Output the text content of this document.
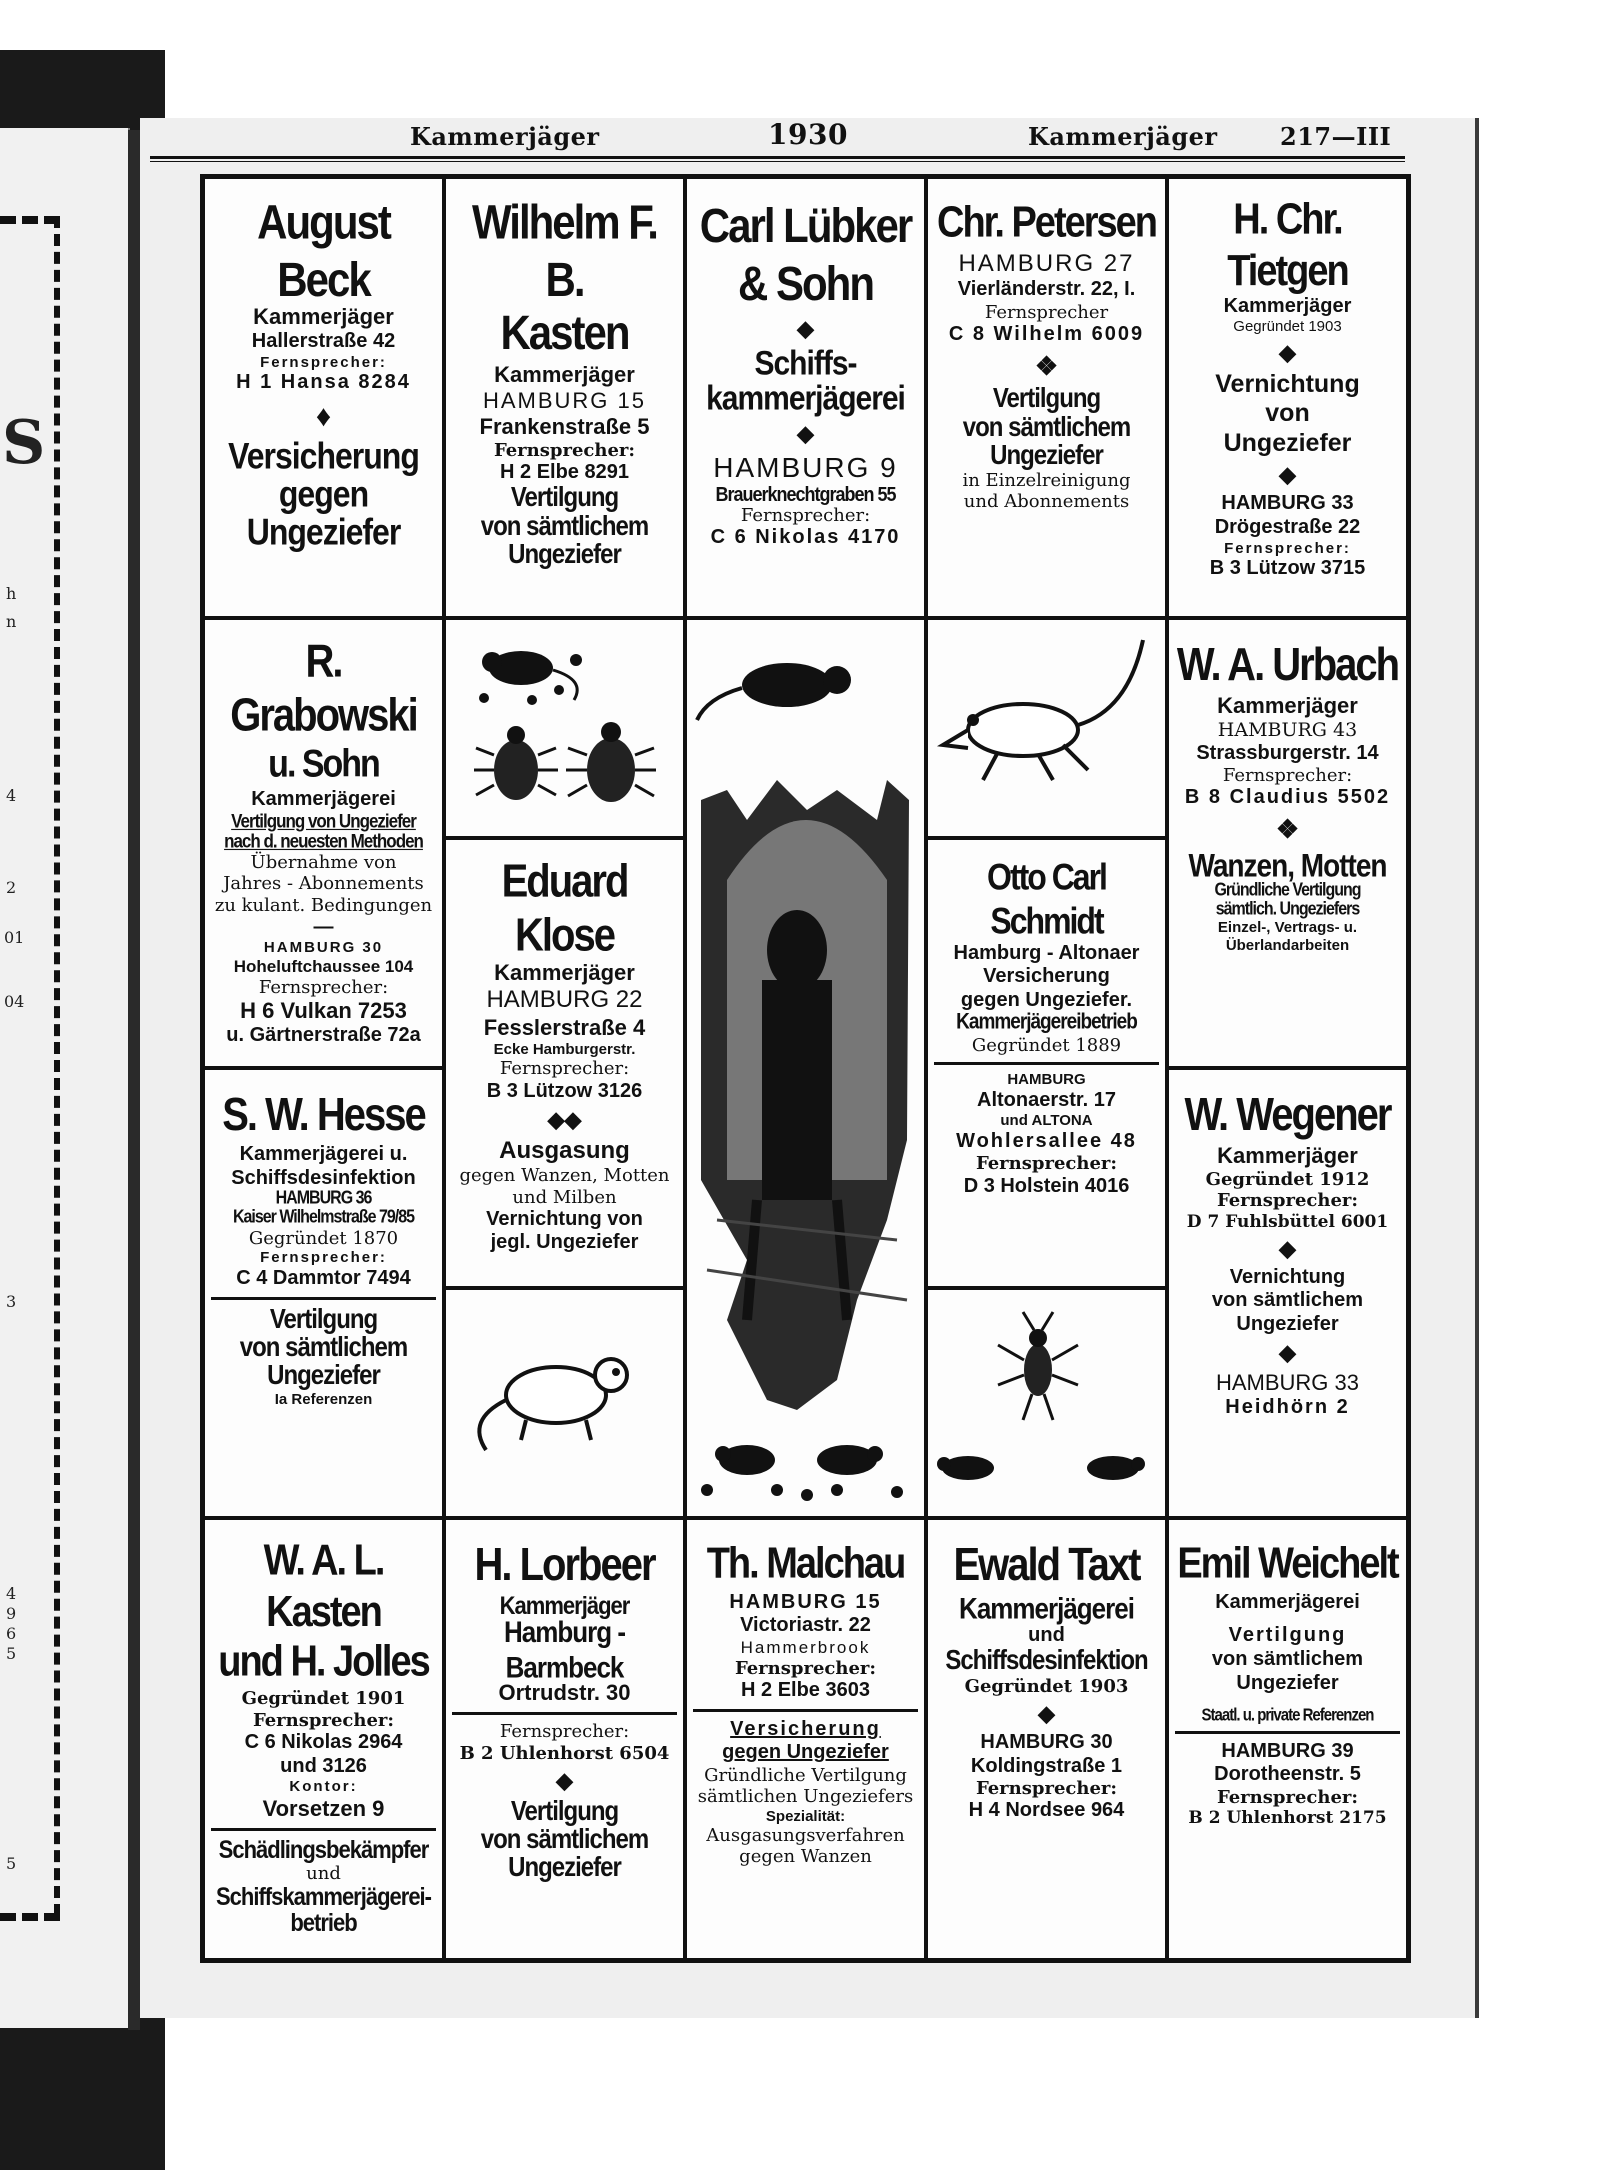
S
h
n
4
2
01
04
3
4
9
6
5
5
Kammerjäger	1930	Kammerjäger	217—III
August Beck
Kammerjäger
Hallerstraße 42
Fernsprecher:
H 1 Hansa 8284
♦
Versicherung
gegen
Ungeziefer
Wilhelm F. B.
Kasten
Kammerjäger
HAMBURG 15
Frankenstraße 5
Fernsprecher:
H 2 Elbe 8291
Vertilgung
von sämtlichem
Ungeziefer
Carl Lübker
& Sohn
◆
Schiffs-
kammerjägerei
◆
HAMBURG 9
Brauerknechtgraben 55
Fernsprecher:
C 6 Nikolas 4170
Chr. Petersen
HAMBURG 27
Vierländerstr. 22, I.
Fernsprecher
C 8 Wilhelm 6009
❖
Vertilgung
von sämtlichem
Ungeziefer
in Einzelreinigung
und Abonnements
H. Chr. Tietgen
Kammerjäger
Gegründet 1903
◆
Vernichtung
von
Ungeziefer
◆
HAMBURG 33
Drögestraße 22
Fernsprecher:
B 3 Lützow 3715
R. Grabowski
u. Sohn
Kammerjägerei
Vertilgung von Ungeziefer
nach d. neuesten Methoden
Übernahme von
Jahres - Abonnements
zu kulant. Bedingungen
—
HAMBURG 30
Hoheluftchaussee 104
Fernsprecher:
H 6 Vulkan 7253
u. Gärtnerstraße 72a
W. A. Urbach
Kammerjäger
HAMBURG 43
Strassburgerstr. 14
Fernsprecher:
B 8 Claudius 5502
❖
Wanzen, Motten
Gründliche Vertilgung
sämtlich. Ungeziefers
Einzel-, Vertrags- u.
Überlandarbeiten
Eduard Klose
Kammerjäger
HAMBURG 22
Fesslerstraße 4
Ecke Hamburgerstr.
Fernsprecher:
B 3 Lützow 3126
◆◆
Ausgasung
gegen Wanzen, Motten
und Milben
Vernichtung von
jegl. Ungeziefer
Otto Carl Schmidt
Hamburg - Altonaer
Versicherung
gegen Ungeziefer.
Kammerjägereibetrieb
Gegründet 1889
HAMBURG
Altonaerstr. 17
und ALTONA
Wohlersallee 48
Fernsprecher:
D 3 Holstein 4016
S. W. Hesse
Kammerjägerei u.
Schiffsdesinfektion
HAMBURG 36
Kaiser Wilhelmstraße 79/85
Gegründet 1870
Fernsprecher:
C 4 Dammtor 7494
Vertilgung
von sämtlichem
Ungeziefer
Ia Referenzen
W. Wegener
Kammerjäger
Gegründet 1912
Fernsprecher:
D 7 Fuhlsbüttel 6001
◆
Vernichtung
von sämtlichem
Ungeziefer
◆
HAMBURG 33
Heidhörn 2
W. A. L. Kasten
und H. Jolles
Gegründet 1901
Fernsprecher:
C 6 Nikolas 2964
und 3126
Kontor:
Vorsetzen 9
Schädlingsbekämpfer
und
Schiffskammerjägerei-
betrieb
H. Lorbeer
Kammerjäger
Hamburg - Barmbeck
Ortrudstr. 30
Fernsprecher:
B 2 Uhlenhorst 6504
◆
Vertilgung
von sämtlichem
Ungeziefer
Th. Malchau
HAMBURG 15
Victoriastr. 22
Hammerbrook
Fernsprecher:
H 2 Elbe 3603
Versicherung
gegen Ungeziefer
Gründliche Vertilgung
sämtlichen Ungeziefers
Spezialität:
Ausgasungsverfahren
gegen Wanzen
Ewald Taxt
Kammerjägerei
und
Schiffsdesinfektion
Gegründet 1903
◆
HAMBURG 30
Koldingstraße 1
Fernsprecher:
H 4 Nordsee 964
Emil Weichelt
Kammerjägerei
Vertilgung
von sämtlichem
Ungeziefer
Staatl. u. private Referenzen
HAMBURG 39
Dorotheenstr. 5
Fernsprecher:
B 2 Uhlenhorst 2175
